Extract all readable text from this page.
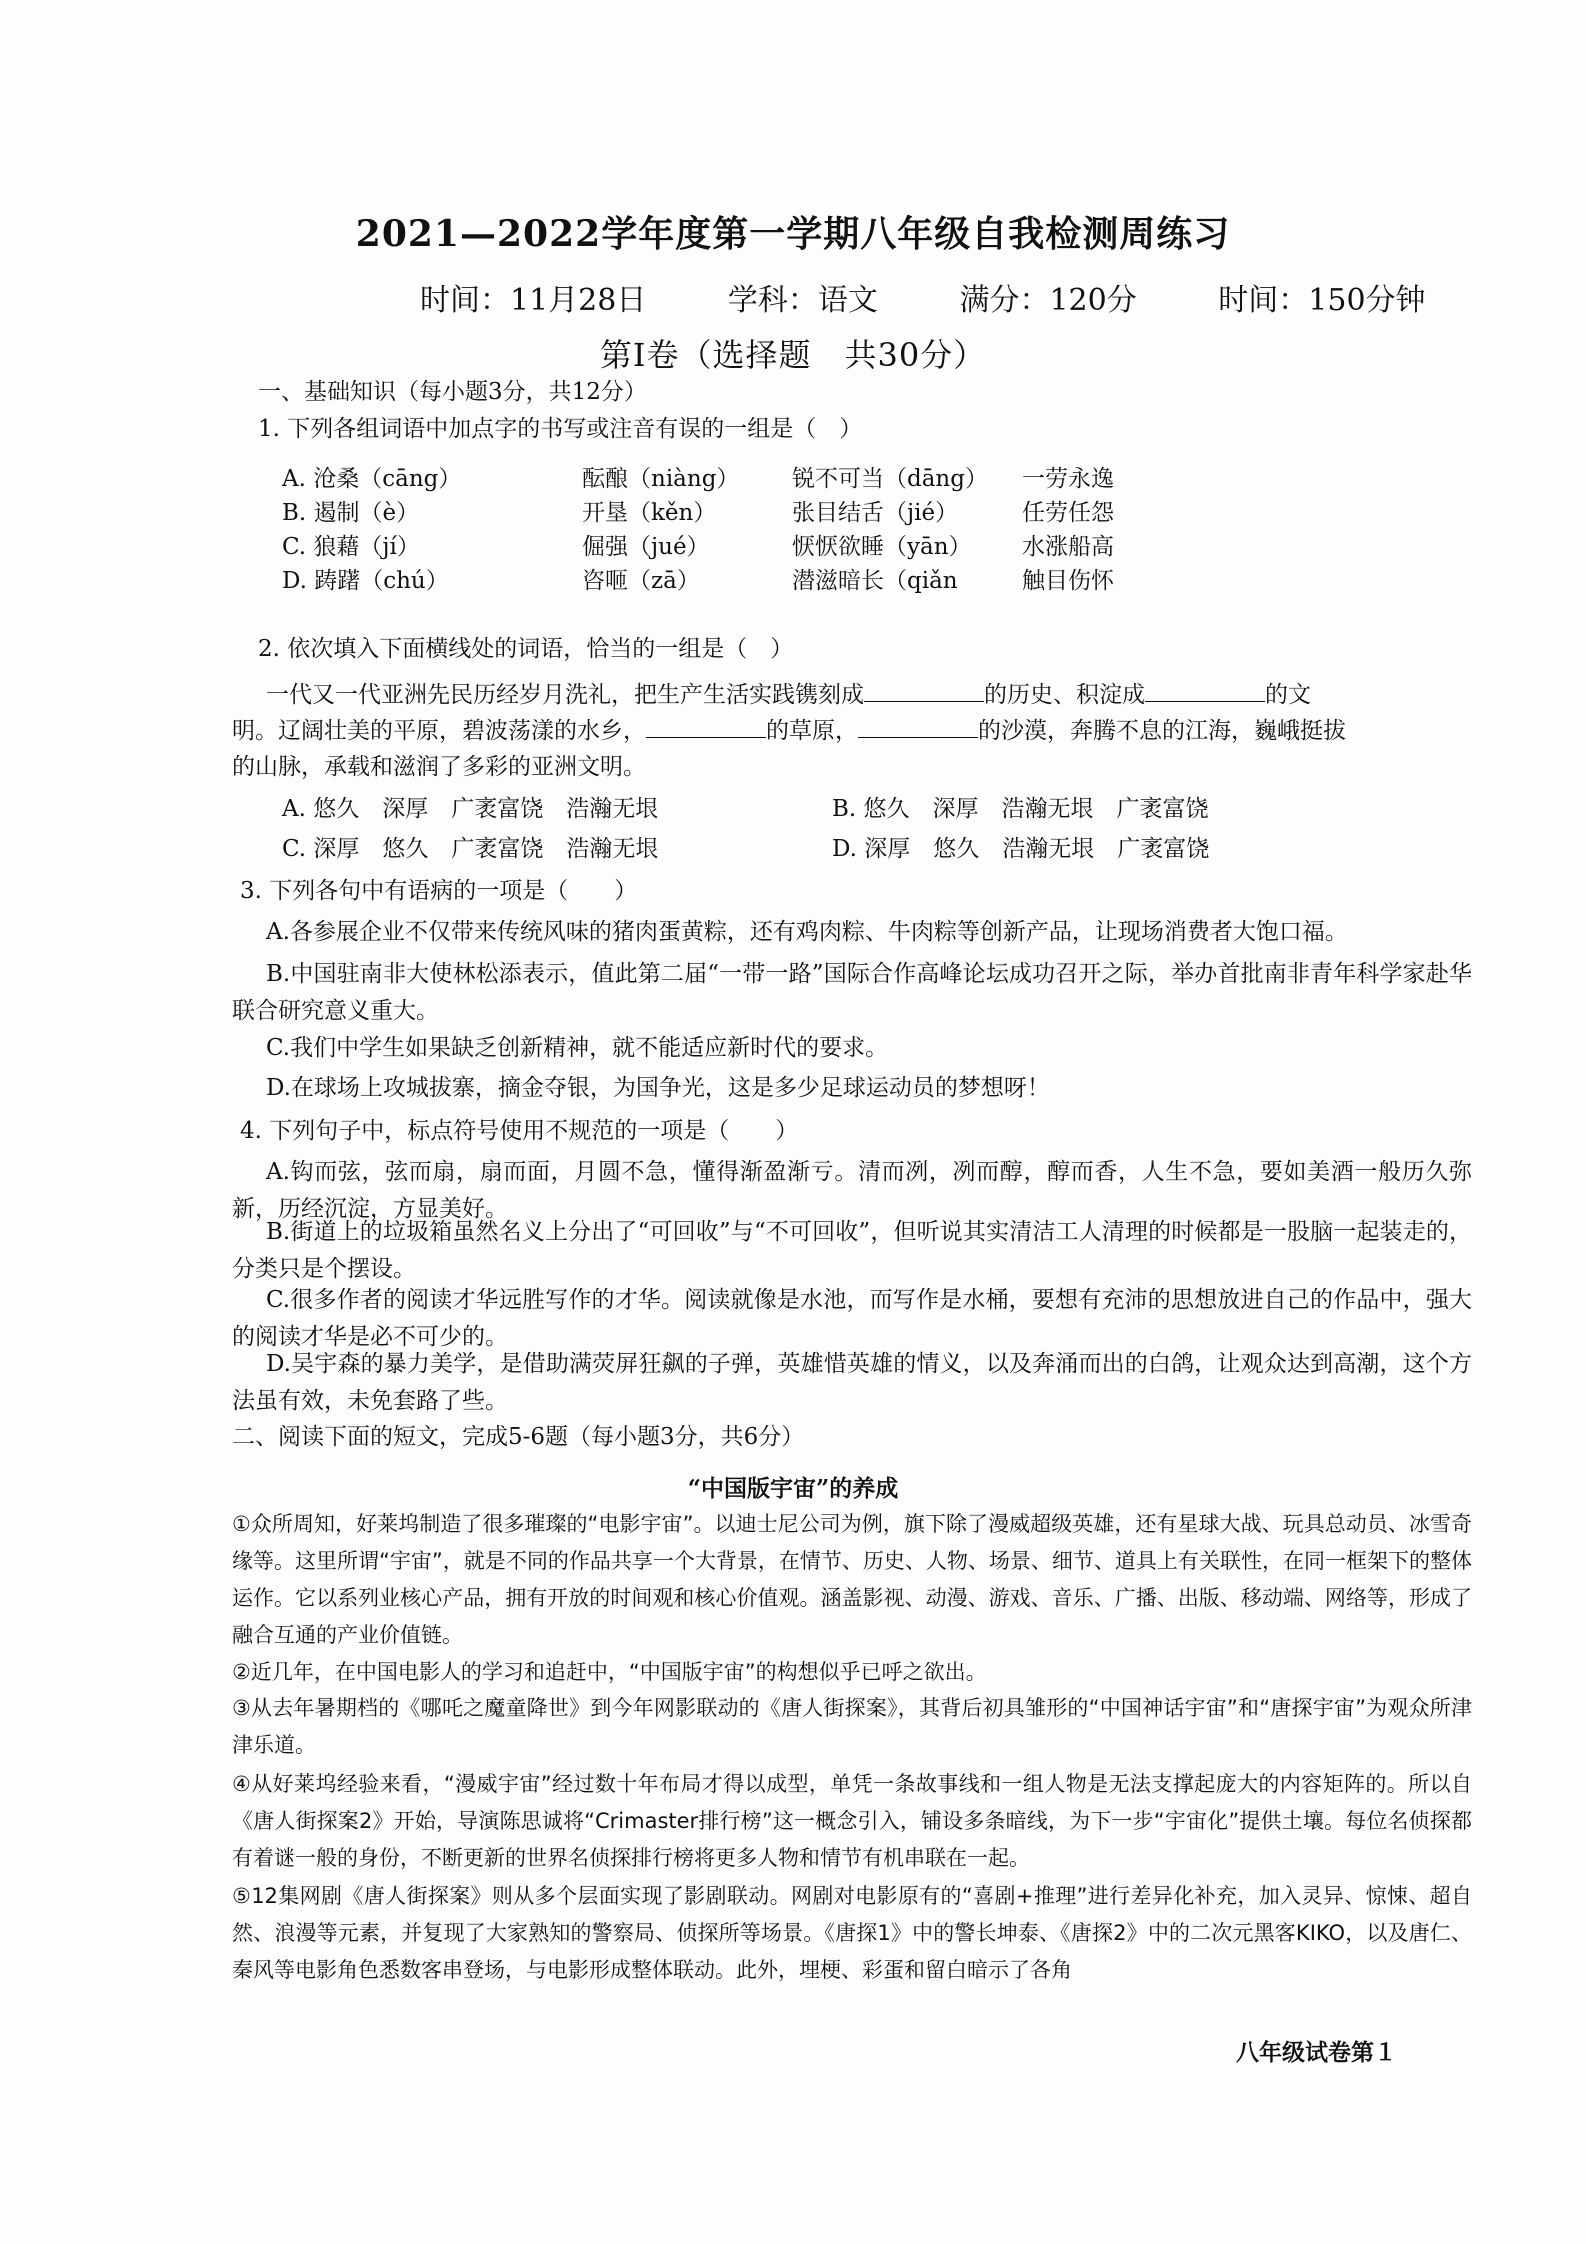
2021—2022学年度第一学期八年级自我检测周练习
时间：11月28日	学科：语文	满分：120分	时间：150分钟
第Ⅰ卷（选择题　共30分）
一、基础知识（每小题3分，共12分）
1. 下列各组词语中加点字的书写或注音有误的一组是（　）
A. 沧桑（cāng）	酝酿（niàng） 锐不可当（dāng） 一劳永逸
B. 遏制（è）	开垦（kěn）	张目结舌（jié）	任劳任怨
C. 狼藉（jí）	倔强（jué）	恹恹欲睡（yān） 水涨船高
D. 踌躇（chú）	咨咂（zā）	潜滋暗长（qiǎn	触目伤怀
2. 依次填入下面横线处的词语，恰当的一组是（　）
一代又一代亚洲先民历经岁月洗礼，把生产生活实践镌刻成	的历史、积淀成	的文
明。辽阔壮美的平原，碧波荡漾的水乡，	的草原，	的沙漠，奔腾不息的江海，巍峨挺拔
的山脉，承载和滋润了多彩的亚洲文明。
A. 悠久　深厚　广袤富饶　浩瀚无垠	B. 悠久　深厚　浩瀚无垠　广袤富饶
C. 深厚　悠久　广袤富饶　浩瀚无垠	D. 深厚　悠久　浩瀚无垠　广袤富饶
3. 下列各句中有语病的一项是（　　）
A.各参展企业不仅带来传统风味的猪肉蛋黄粽，还有鸡肉粽、牛肉粽等创新产品，让现场消费者大饱口福。
B.中国驻南非大使林松添表示，值此第二届“一带一路”国际合作高峰论坛成功召开之际，举办首批南非青年科学家赴华联合研究意义重大。
C.我们中学生如果缺乏创新精神，就不能适应新时代的要求。
D.在球场上攻城拔寨，摘金夺银，为国争光，这是多少足球运动员的梦想呀！
4. 下列句子中，标点符号使用不规范的一项是（　　）
A.钩而弦，弦而扇，扇而面，月圆不急，懂得渐盈渐亏。清而冽，冽而醇，醇而香，人生不急，要如美酒一般历久弥新，历经沉淀，方显美好。
B.街道上的垃圾箱虽然名义上分出了“可回收”与“不可回收”，但听说其实清洁工人清理的时候都是一股脑一起装走的，分类只是个摆设。
C.很多作者的阅读才华远胜写作的才华。阅读就像是水池，而写作是水桶，要想有充沛的思想放进自己的作品中，强大的阅读才华是必不可少的。
D.吴宇森的暴力美学，是借助满荧屏狂飙的子弹，英雄惜英雄的情义，以及奔涌而出的白鸽，让观众达到高潮，这个方法虽有效，未免套路了些。
二、阅读下面的短文，完成5-6题（每小题3分，共6分）
“中国版宇宙”的养成
①众所周知，好莱坞制造了很多璀璨的“电影宇宙”。以迪士尼公司为例，旗下除了漫威超级英雄，还有星球大战、玩具总动员、冰雪奇缘等。这里所谓“宇宙”，就是不同的作品共享一个大背景，在情节、历史、人物、场景、细节、道具上有关联性，在同一框架下的整体运作。它以系列业核心产品，拥有开放的时间观和核心价值观。涵盖影视、动漫、游戏、音乐、广播、出版、移动端、网络等，形成了融合互通的产业价值链。
②近几年，在中国电影人的学习和追赶中，“中国版宇宙”的构想似乎已呼之欲出。
③从去年暑期档的《哪吒之魔童降世》到今年网影联动的《唐人街探案》，其背后初具雏形的“中国神话宇宙”和“唐探宇宙”为观众所津津乐道。
④从好莱坞经验来看，“漫威宇宙”经过数十年布局才得以成型，单凭一条故事线和一组人物是无法支撑起庞大的内容矩阵的。所以自《唐人街探案2》开始，导演陈思诚将“Crimaster排行榜”这一概念引入，铺设多条暗线，为下一步“宇宙化”提供土壤。每位名侦探都有着谜一般的身份，不断更新的世界名侦探排行榜将更多人物和情节有机串联在一起。
⑤12集网剧《唐人街探案》则从多个层面实现了影剧联动。网剧对电影原有的“喜剧+推理”进行差异化补充，加入灵异、惊悚、超自然、浪漫等元素，并复现了大家熟知的警察局、侦探所等场景。《唐探1》中的警长坤泰、《唐探2》中的二次元黑客KIKO，以及唐仁、秦风等电影角色悉数客串登场，与电影形成整体联动。此外，埋梗、彩蛋和留白暗示了各角
八年级试卷第１
